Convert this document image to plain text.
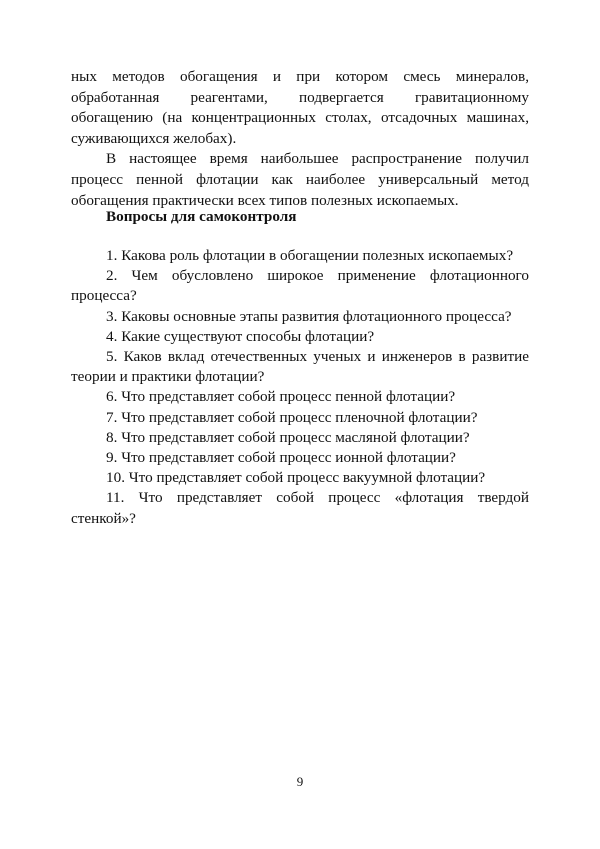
ных методов обогащения и при котором смесь минералов, обработанная реагентами, подвергается гравитационному обогащению (на концентрационных столах, отсадочных машинах, суживающихся желобах).

В настоящее время наибольшее распространение получил процесс пенной флотации как наиболее универсальный метод обогащения практически всех типов полезных ископаемых.

Вопросы для самоконтроля

1. Какова роль флотации в обогащении полезных ископаемых?

2. Чем обусловлено широкое применение флотационного процесса?

3. Каковы основные этапы развития флотационного процесса?

4. Какие существуют способы флотации?

5. Каков вклад отечественных ученых и инженеров в развитие теории и практики флотации?

6. Что представляет собой процесс пенной флотации?

7. Что представляет собой процесс пленочной флотации?

8. Что представляет собой процесс масляной флотации?

9. Что представляет собой процесс ионной флотации?

10. Что представляет собой процесс вакуумной флотации?

11. Что представляет собой процесс «флотация твердой стенкой»?

9
